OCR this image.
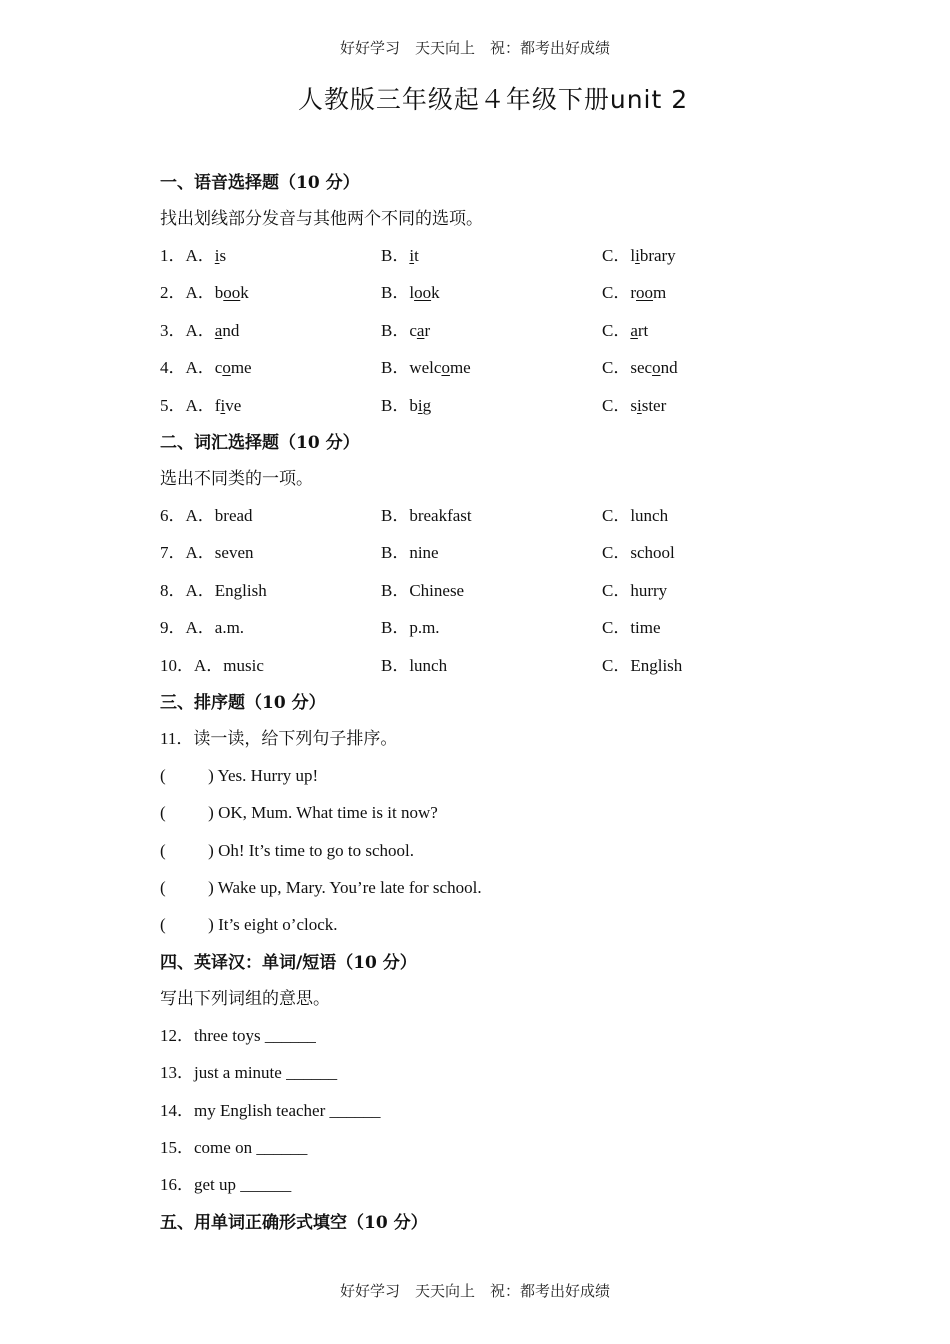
好好学习　天天向上　祝：都考出好成绩
人教版三年级起４年级下册unit 2
一、语音选择题（10 分）
找出划线部分发音与其他两个不同的选项。
1．A．is	B．it	C．library
2．A．book	B．look	C．room
3．A．and	B．car	C．art
4．A．come	B．welcome	C．second
5．A．five	B．big	C．sister
二、词汇选择题（10 分）
选出不同类的一项。
6．A．bread	B．breakfast	C．lunch
7．A．seven	B．nine	C．school
8．A．English	B．Chinese	C．hurry
9．A．a.m.	B．p.m.	C．time
10．A．music	B．lunch	C．English
三、排序题（10 分）
11．读一读，给下列句子排序。
(          ) Yes. Hurry up!
(          ) OK, Mum. What time is it now?
(          ) Oh! It’s time to go to school.
(          ) Wake up, Mary. You’re late for school.
(          ) It’s eight o’clock.
四、英译汉：单词/短语（10 分）
写出下列词组的意思。
12．three toys ______
13．just a minute ______
14．my English teacher ______
15．come on ______
16．get up ______
五、用单词正确形式填空（10 分）
好好学习　天天向上　祝：都考出好成绩
